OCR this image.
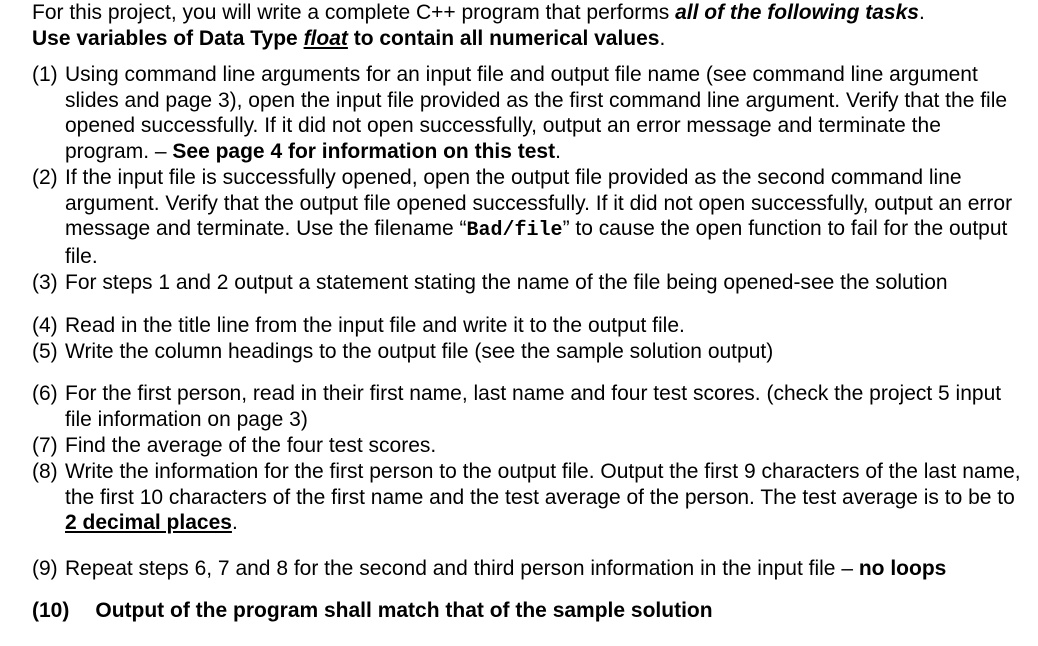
For this project, you will write a complete C++ program that performs all of the following tasks.
Use variables of Data Type float to contain all numerical values.
(1) Using command line arguments for an input file and output file name (see command line argument slides and page 3), open the input file provided as the first command line argument. Verify that the file opened successfully. If it did not open successfully, output an error message and terminate the program. – See page 4 for information on this test.
(2) If the input file is successfully opened, open the output file provided as the second command line argument. Verify that the output file opened successfully. If it did not open successfully, output an error message and terminate. Use the filename “Bad/file” to cause the open function to fail for the output file.
(3) For steps 1 and 2 output a statement stating the name of the file being opened-see the solution
(4) Read in the title line from the input file and write it to the output file.
(5) Write the column headings to the output file (see the sample solution output)
(6) For the first person, read in their first name, last name and four test scores. (check the project 5 input file information on page 3)
(7) Find the average of the four test scores.
(8) Write the information for the first person to the output file. Output the first 9 characters of the last name, the first 10 characters of the first name and the test average of the person. The test average is to be to 2 decimal places.
(9) Repeat steps 6, 7 and 8 for the second and third person information in the input file – no loops
(10) Output of the program shall match that of the sample solution
